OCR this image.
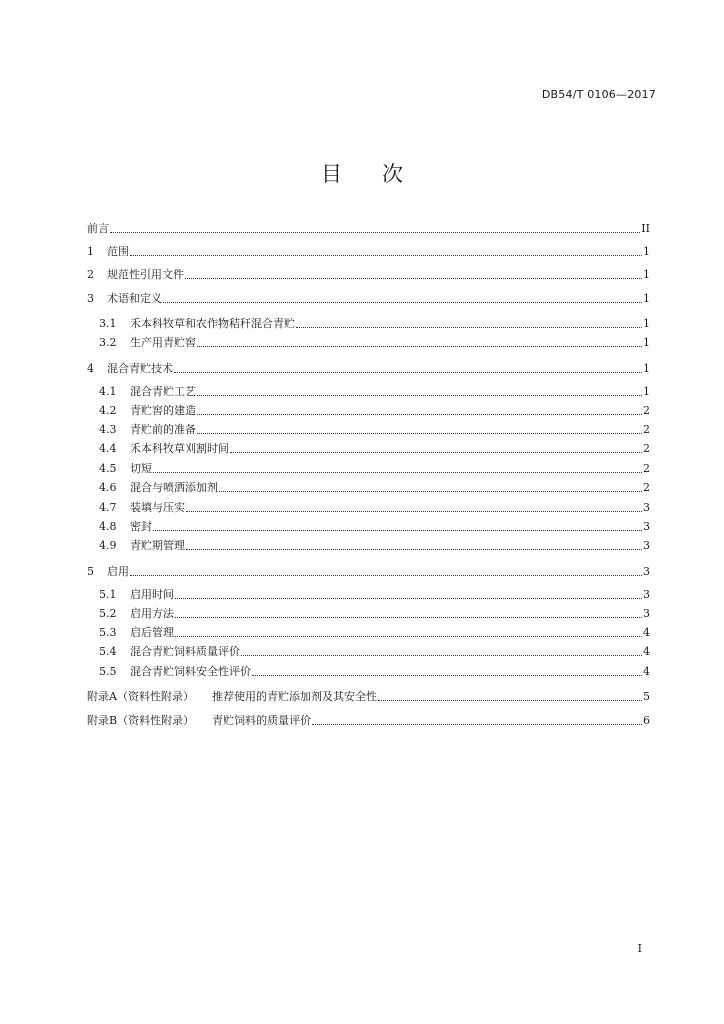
DB54/T 0106—2017
目 次
前言	II
1	范围	1
2	规范性引用文件	1
3	术语和定义	1
3.1	禾本科牧草和农作物秸秆混合青贮	1
3.2	生产用青贮窖	1
4	混合青贮技术	1
4.1	混合青贮工艺	1
4.2	青贮窖的建造	2
4.3	青贮前的准备	2
4.4	禾本科牧草刈割时间	2
4.5	切短	2
4.6	混合与喷洒添加剂	2
4.7	装填与压实	3
4.8	密封	3
4.9	青贮期管理	3
5	启用	3
5.1	启用时间	3
5.2	启用方法	3
5.3	启后管理	4
5.4	混合青贮饲料质量评价	4
5.5	混合青贮饲料安全性评价	4
附录A（资料性附录） 推荐使用的青贮添加剂及其安全性	5
附录B（资料性附录） 青贮饲料的质量评价	6
I
